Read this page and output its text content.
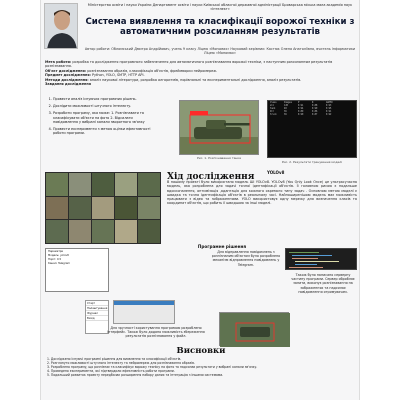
Міністерство освіти і науки України Департамент освіти і науки Київської обласної державної адміністрації Броварська міська мала академія наук «Інтелект»
Система виявлення та класифікації ворожої техніки з автоматичним розсиланням результатів
Автор роботи: Обломський Дмитро Андрійович, учень 9 класу Ліцею «Мономах» Науковий керівник: Кастюк Олена Анатоліївна, вчитель інформатики Ліцею «Мономах»

Мета роботи: розробка та дослідження програмного забезпечення для автоматичного розпізнавання ворожої техніки, з наступним розсиланням результатів розпізнавання.

Об'єкт дослідження: розпізнавання образів, класифікація об'єктів, фреймворки нейромереж.

Предмет дослідження: Python, YOLO, SMTP, HTTP API.

Методи дослідження: аналіз наукової літератури, розробка алгоритмів, порівняльні та експериментальні дослідження, аналіз результатів.

Завдання дослідження

1. Провести аналіз існуючих програмних рішень.
2. Дослідити можливості штучного інтелекту.
3. Розробити програму, яка може: 1. Розпізнавати та класифікувати об'єкти на фото 2. Відсилати повідомлення у вибрані канали зворотного зв'язку
4. Провести експерименти з метою оцінки ефективності роботи програми.
Рис. 1. Розпізнавання танка
Class	Images	P	R	mAP50
all	120	0.91	0.88	0.93
tank	48	0.94	0.90	0.95
btr	36	0.89	0.86	0.91
truck	36	0.90	0.87	0.92
Рис. 2. Результати тренування моделі
Хід дослідження	YOLOv8
В нашому проекті було використано модель ШІ YOLOv8. YOLOv8 (You Only Look Once) це ультрасучасна модель, яка розроблена для задачі точної ідентифікації об'єктів. Її головною рисою є подальше вдосконалення, оптимізація ,адаптація для кожного окремого типу задач . Основною метою моделі є швидка та точна ідентифікація об'єктів в реальному часі. Найпоширенішою модель має можливість працювати з відео та зображеннями. YOLO використовує одну мережу для визначення класів та координат об'єктів, що робить її швидшою за інші моделі.
Параметри
Модель: yolov8
Поріг: 0.5
Канал: Telegram
Програмне рішення
Для відправлення повідомлень з розпізнаним об'єктом було розроблено механізм відправлення повідомлень у Telegram.
Також було написано серверну частину програми. Сервер обробляє запити, виконує розпізнавання на зображеннях та надсилає повідомлення отримувачам.
Старт
Налаштування
Журнал
Вихід
Для зручності користування програмою розроблено інтерфейс. Також було додано можливість збереження результатів розпізнавання у файл.
Висновки
1. Досліджено існуючі програмні рішення для виявлення та класифікації об'єктів.
2. Розглянуто можливості штучного інтелекту та нейромереж для розпізнавання образів.
3. Розроблено програму, що розпізнає та класифікує ворожу техніку на фото та надсилає результати у вибрані канали зв'язку.
4. Проведено експерименти, які підтвердили ефективність роботи програми.
5. Подальший розвиток проекту передбачає розширення набору даних та інтеграцію з іншими системами.
